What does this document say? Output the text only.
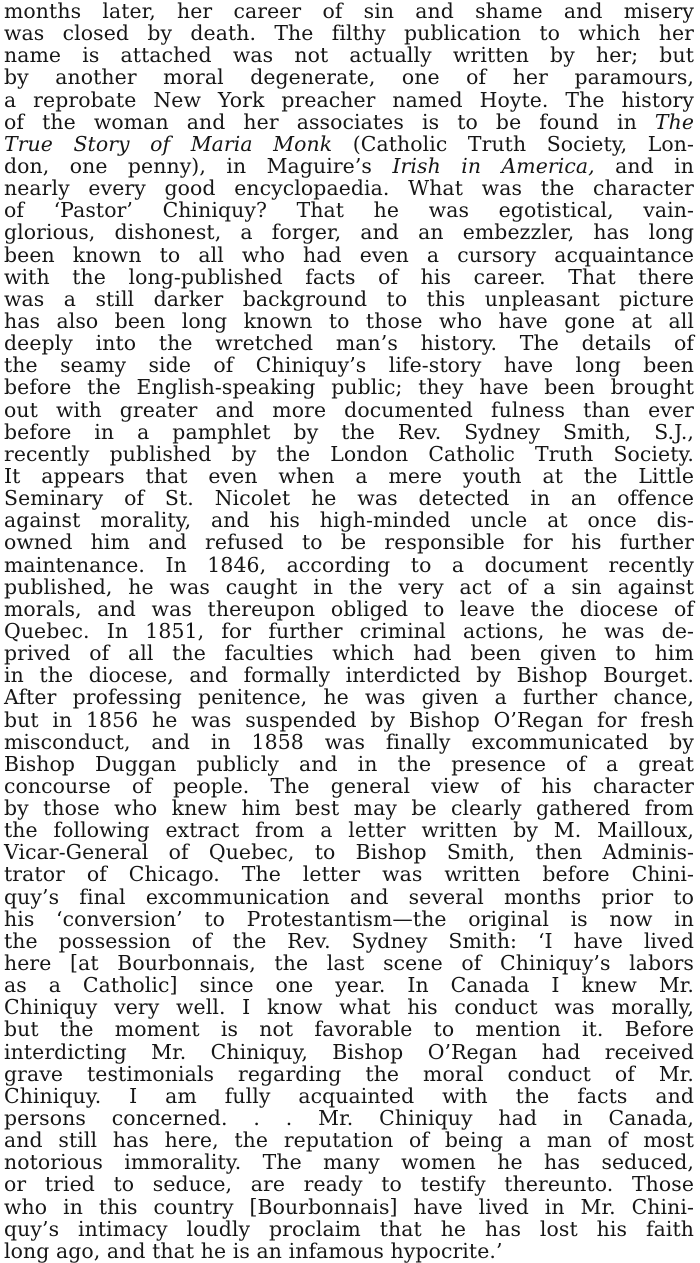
months later, her career of sin and shame and misery
was closed by death. The filthy publication to which her
name is attached was not actually written by her; but
by another moral degenerate, one of her paramours,
a reprobate New York preacher named Hoyte. The history
of the woman and her associates is to be found in The
True Story of Maria Monk (Catholic Truth Society, Lon-
don, one penny), in Maguire’s Irish in America, and in
nearly every good encyclopaedia. What was the character
of ‘Pastor’ Chiniquy? That he was egotistical, vain-
glorious, dishonest, a forger, and an embezzler, has long
been known to all who had even a cursory acquaintance
with the long-published facts of his career. That there
was a still darker background to this unpleasant picture
has also been long known to those who have gone at all
deeply into the wretched man’s history. The details of
the seamy side of Chiniquy’s life-story have long been
before the English-speaking public; they have been brought
out with greater and more documented fulness than ever
before in a pamphlet by the Rev. Sydney Smith, S.J.,
recently published by the London Catholic Truth Society.
It appears that even when a mere youth at the Little
Seminary of St. Nicolet he was detected in an offence
against morality, and his high-minded uncle at once dis-
owned him and refused to be responsible for his further
maintenance. In 1846, according to a document recently
published, he was caught in the very act of a sin against
morals, and was thereupon obliged to leave the diocese of
Quebec. In 1851, for further criminal actions, he was de-
prived of all the faculties which had been given to him
in the diocese, and formally interdicted by Bishop Bourget.
After professing penitence, he was given a further chance,
but in 1856 he was suspended by Bishop O’Regan for fresh
misconduct, and in 1858 was finally excommunicated by
Bishop Duggan publicly and in the presence of a great
concourse of people. The general view of his character
by those who knew him best may be clearly gathered from
the following extract from a letter written by M. Mailloux,
Vicar-General of Quebec, to Bishop Smith, then Adminis-
trator of Chicago. The letter was written before Chini-
quy’s final excommunication and several months prior to
his ‘conversion’ to Protestantism—the original is now in
the possession of the Rev. Sydney Smith: ‘I have lived
here [at Bourbonnais, the last scene of Chiniquy’s labors
as a Catholic] since one year. In Canada I knew Mr.
Chiniquy very well. I know what his conduct was morally,
but the moment is not favorable to mention it. Before
interdicting Mr. Chiniquy, Bishop O’Regan had received
grave testimonials regarding the moral conduct of Mr.
Chiniquy. I am fully acquainted with the facts and
persons concerned. . . Mr. Chiniquy had in Canada,
and still has here, the reputation of being a man of most
notorious immorality. The many women he has seduced,
or tried to seduce, are ready to testify thereunto. Those
who in this country [Bourbonnais] have lived in Mr. Chini-
quy’s intimacy loudly proclaim that he has lost his faith
long ago, and that he is an infamous hypocrite.’
